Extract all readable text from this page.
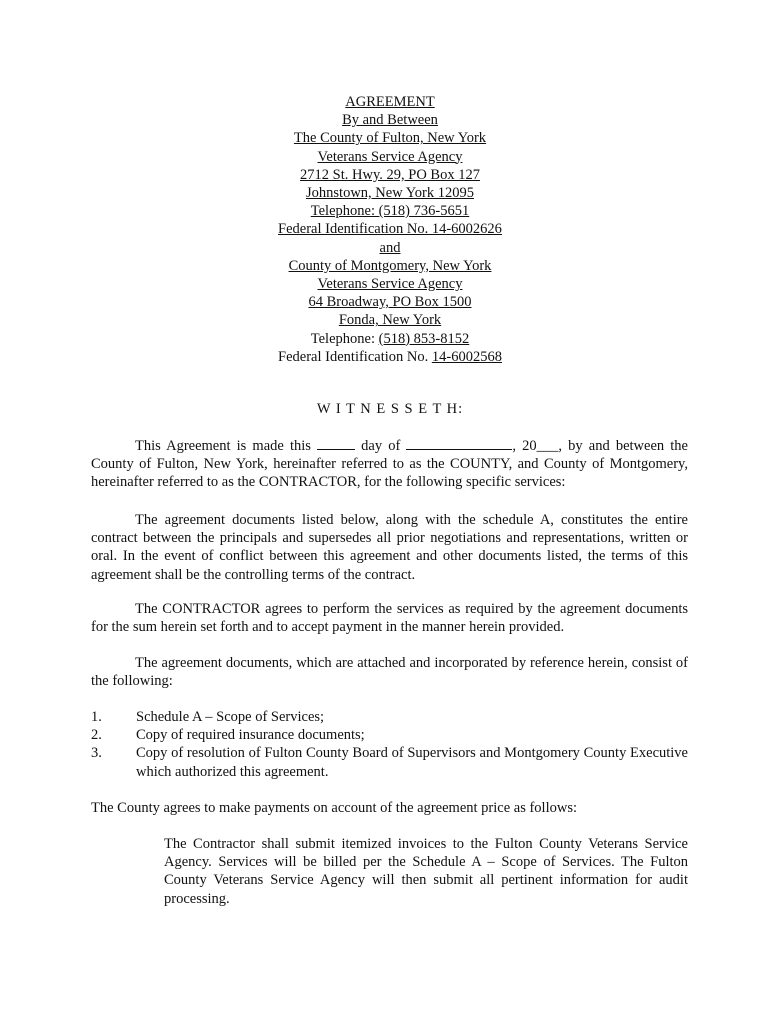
AGREEMENT
By and Between
The County of Fulton, New York
Veterans Service Agency
2712 St. Hwy. 29, PO Box 127
Johnstown, New York 12095
Telephone: (518) 736-5651
Federal Identification No. 14-6002626
and
County of Montgomery, New York
Veterans Service Agency
64 Broadway, PO Box 1500
Fonda, New York
Telephone: (518) 853-8152
Federal Identification No. 14-6002568
W I T N E S S E T H:
This Agreement is made this	day of	, 20___, by and between the County of Fulton, New York, hereinafter referred to as the COUNTY, and County of Montgomery, hereinafter referred to as the CONTRACTOR, for the following specific services:
The agreement documents listed below, along with the schedule A, constitutes the entire contract between the principals and supersedes all prior negotiations and representations, written or oral. In the event of conflict between this agreement and other documents listed, the terms of this agreement shall be the controlling terms of the contract.
The CONTRACTOR agrees to perform the services as required by the agreement documents for the sum herein set forth and to accept payment in the manner herein provided.
The agreement documents, which are attached and incorporated by reference herein, consist of the following:
1.	Schedule A – Scope of Services;
2.	Copy of required insurance documents;
3.	Copy of resolution of Fulton County Board of Supervisors and Montgomery County Executive which authorized this agreement.
The County agrees to make payments on account of the agreement price as follows:
The Contractor shall submit itemized invoices to the Fulton County Veterans Service Agency. Services will be billed per the Schedule A – Scope of Services. The Fulton County Veterans Service Agency will then submit all pertinent information for audit processing.
